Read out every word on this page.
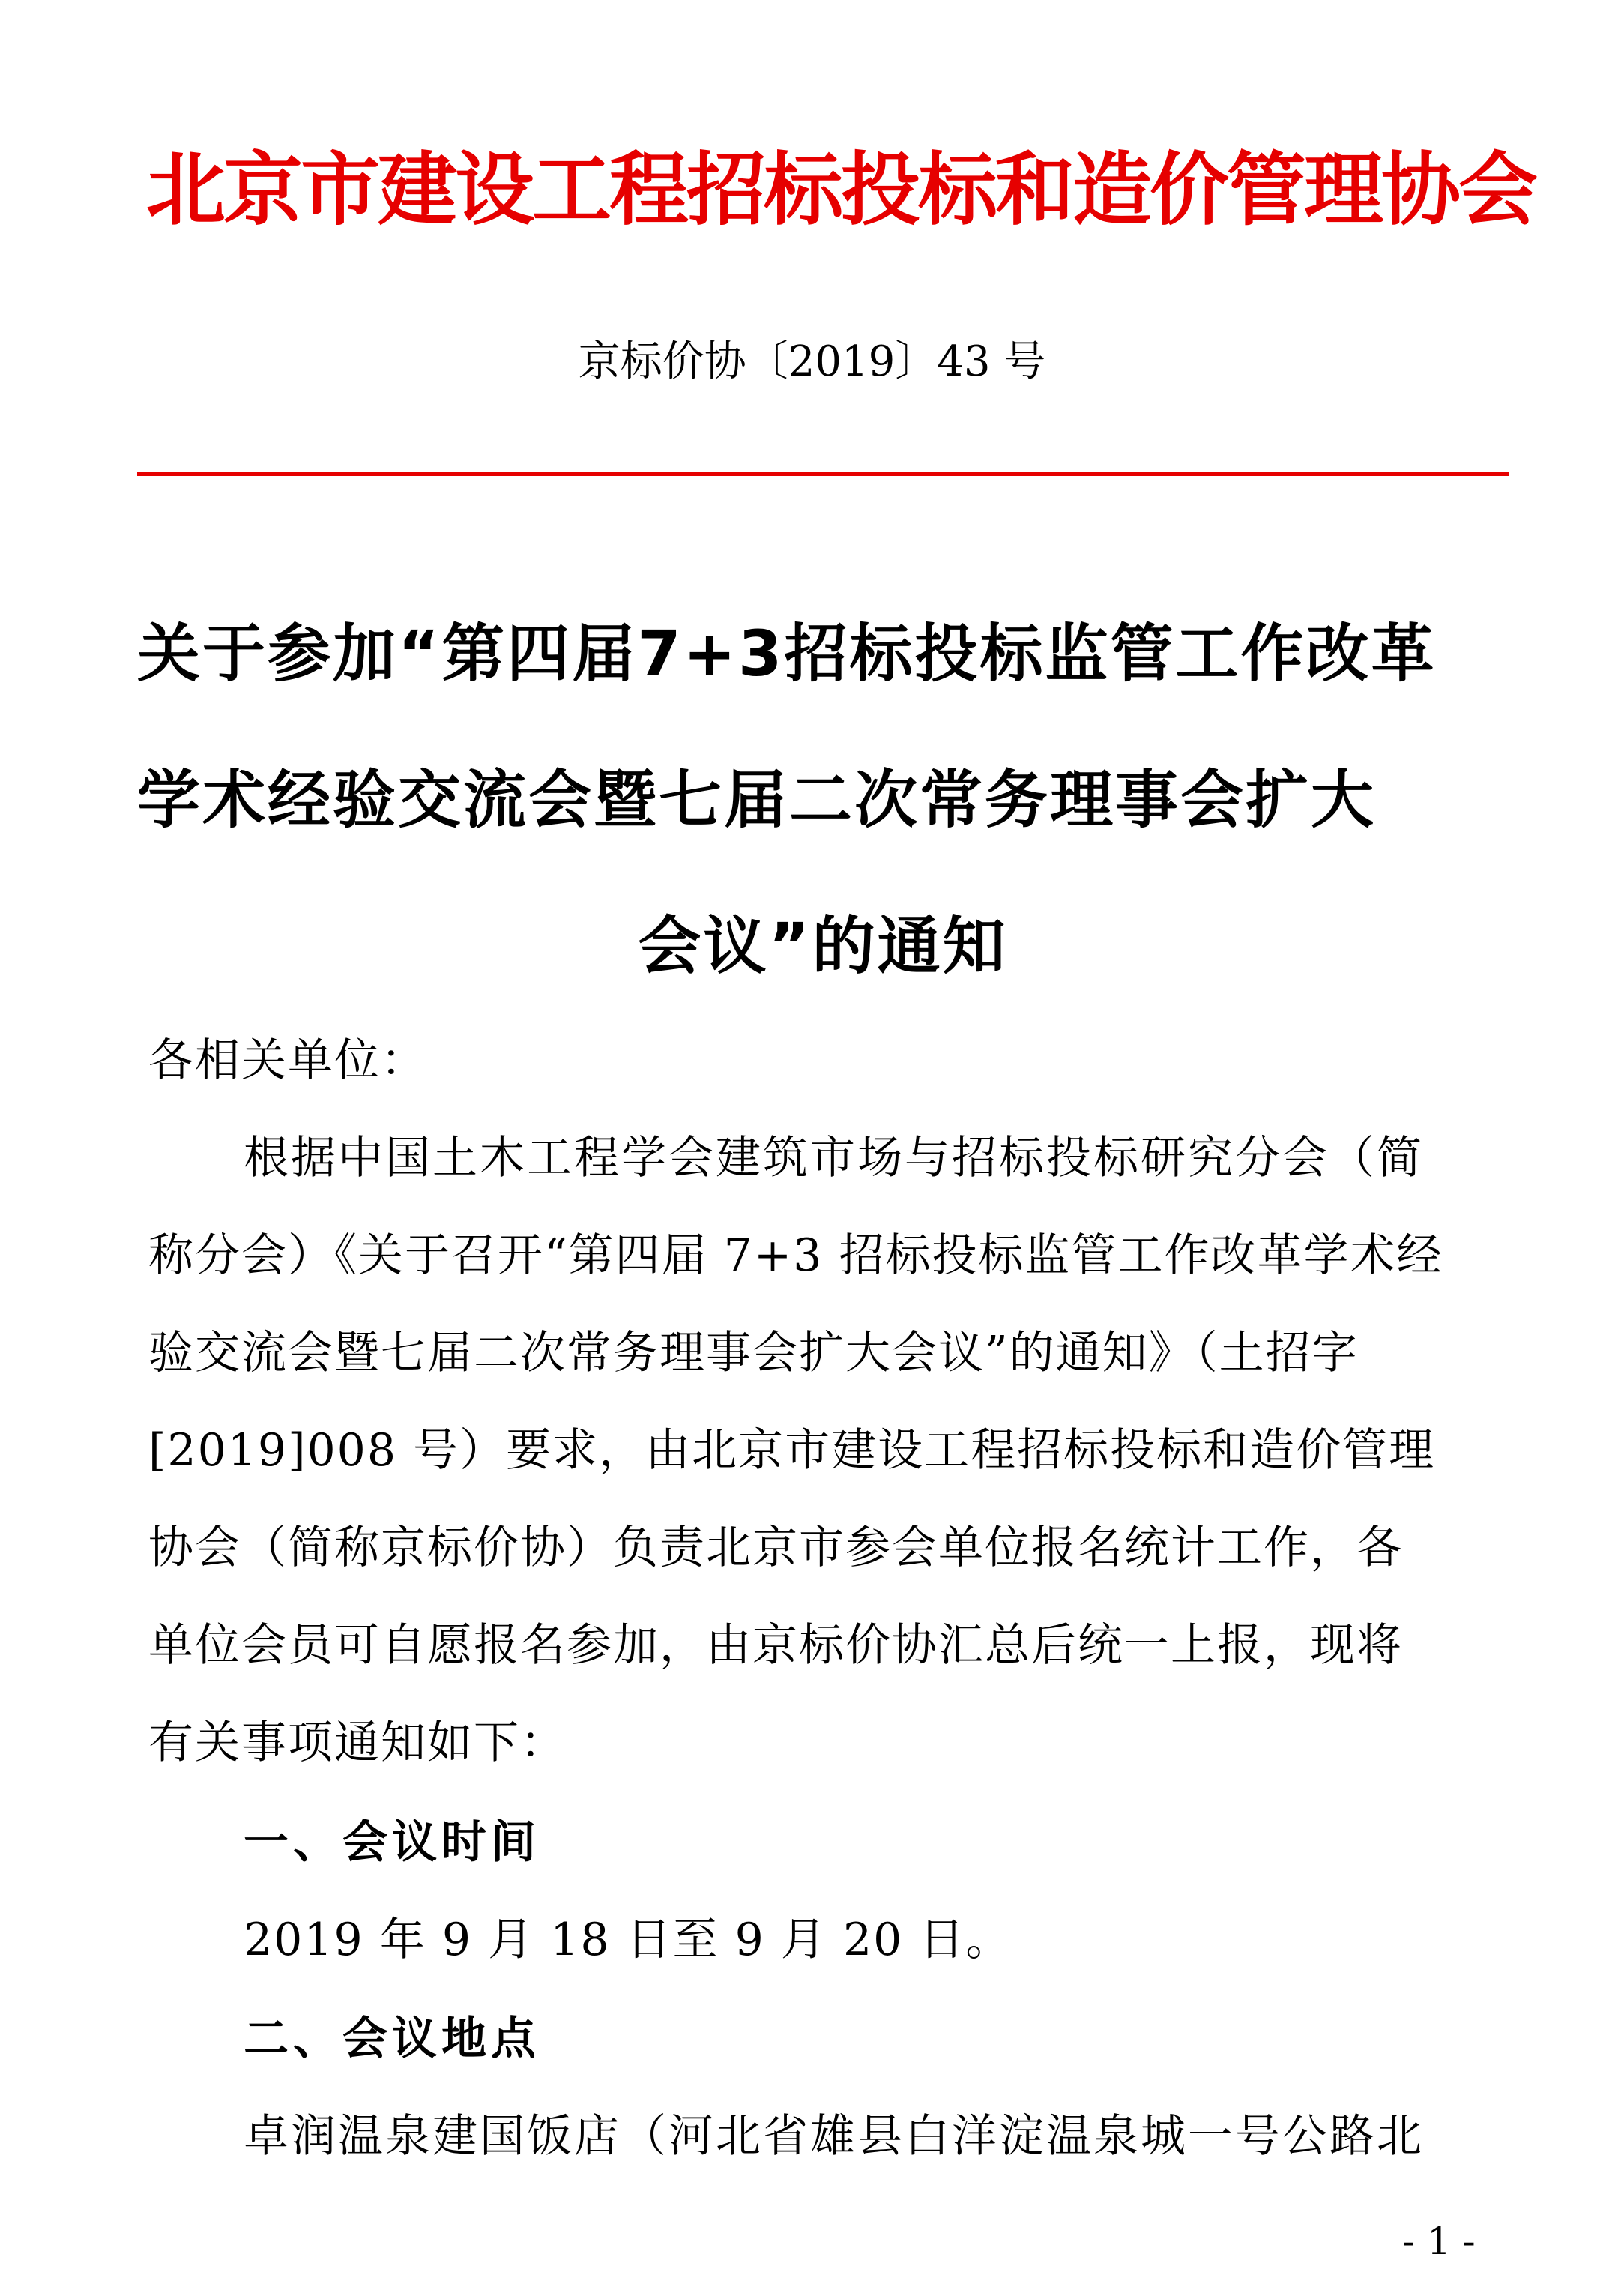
北京市建设工程招标投标和造价管理协会
京标价协〔2019〕43 号
关于参加“第四届7+3招标投标监管工作改革
学术经验交流会暨七届二次常务理事会扩大
会议”的通知
各相关单位：
根据中国土木工程学会建筑市场与招标投标研究分会（简
称分会）《关于召开“第四届 7+3 招标投标监管工作改革学术经
验交流会暨七届二次常务理事会扩大会议”的通知》（土招字
[2019]008 号）要求，由北京市建设工程招标投标和造价管理
协会（简称京标价协）负责北京市参会单位报名统计工作，各
单位会员可自愿报名参加，由京标价协汇总后统一上报，现将
有关事项通知如下：
一、会议时间
2019 年 9 月 18 日至 9 月 20 日。
二、会议地点
卓润温泉建国饭店（河北省雄县白洋淀温泉城一号公路北
- 1 -
